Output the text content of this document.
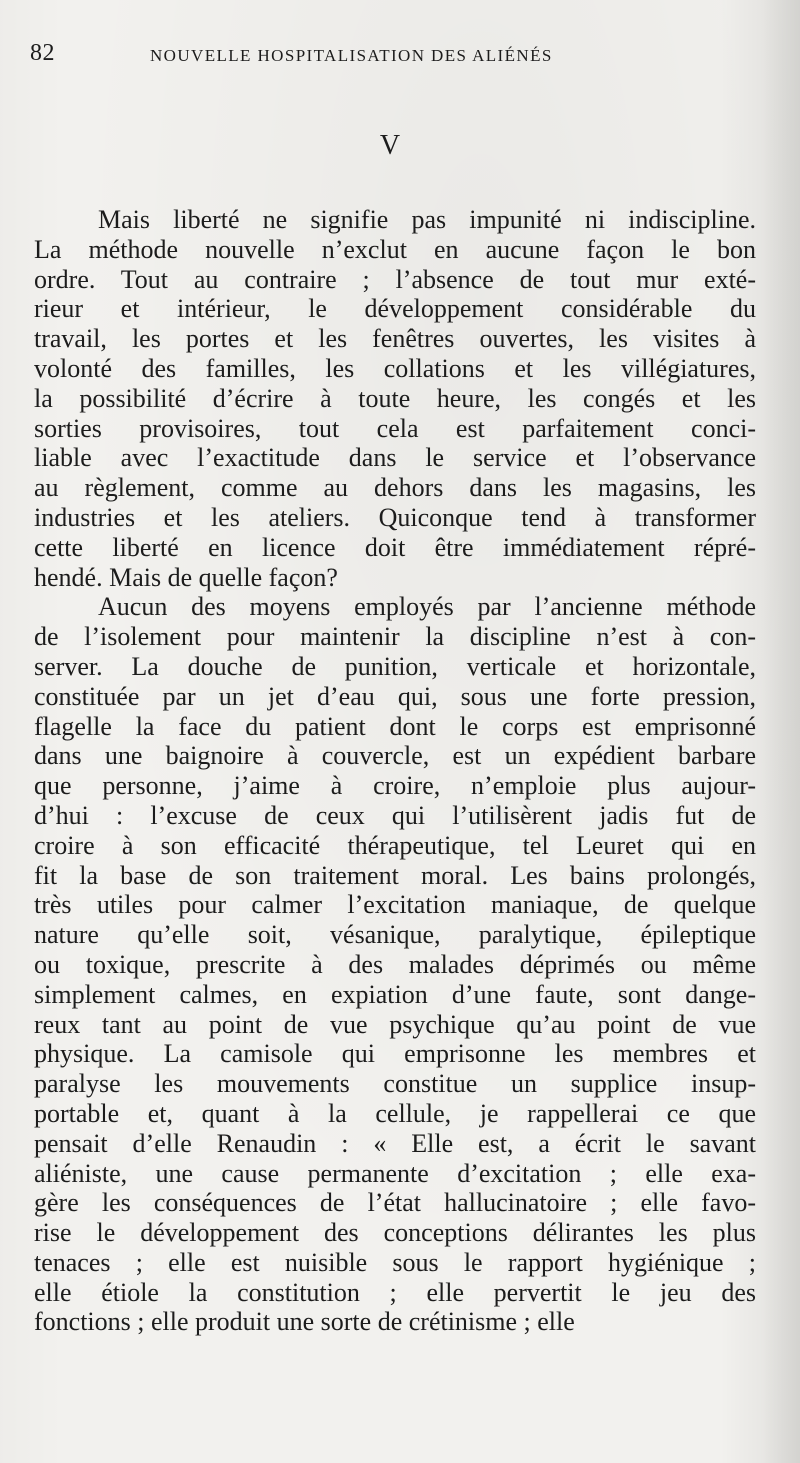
82	NOUVELLE HOSPITALISATION DES ALIÉNÉS
V
Mais liberté ne signifie pas impunité ni indiscipline.
La méthode nouvelle n’exclut en aucune façon le bon
ordre. Tout au contraire ; l’absence de tout mur exté-
rieur et intérieur, le développement considérable du
travail, les portes et les fenêtres ouvertes, les visites à
volonté des familles, les collations et les villégiatures,
la possibilité d’écrire à toute heure, les congés et les
sorties provisoires, tout cela est parfaitement conci-
liable avec l’exactitude dans le service et l’observance
au règlement, comme au dehors dans les magasins, les
industries et les ateliers. Quiconque tend à transformer
cette liberté en licence doit être immédiatement répré-
hendé. Mais de quelle façon?
Aucun des moyens employés par l’ancienne méthode
de l’isolement pour maintenir la discipline n’est à con-
server. La douche de punition, verticale et horizontale,
constituée par un jet d’eau qui, sous une forte pression,
flagelle la face du patient dont le corps est emprisonné
dans une baignoire à couvercle, est un expédient barbare
que personne, j’aime à croire, n’emploie plus aujour-
d’hui : l’excuse de ceux qui l’utilisèrent jadis fut de
croire à son efficacité thérapeutique, tel Leuret qui en
fit la base de son traitement moral. Les bains prolongés,
très utiles pour calmer l’excitation maniaque, de quelque
nature qu’elle soit, vésanique, paralytique, épileptique
ou toxique, prescrite à des malades déprimés ou même
simplement calmes, en expiation d’une faute, sont dange-
reux tant au point de vue psychique qu’au point de vue
physique. La camisole qui emprisonne les membres et
paralyse les mouvements constitue un supplice insup-
portable et, quant à la cellule, je rappellerai ce que
pensait d’elle Renaudin : « Elle est, a écrit le savant
aliéniste, une cause permanente d’excitation ; elle exa-
gère les conséquences de l’état hallucinatoire ; elle favo-
rise le développement des conceptions délirantes les plus
tenaces ; elle est nuisible sous le rapport hygiénique ;
elle étiole la constitution ; elle pervertit le jeu des
fonctions ; elle produit une sorte de crétinisme ; elle
